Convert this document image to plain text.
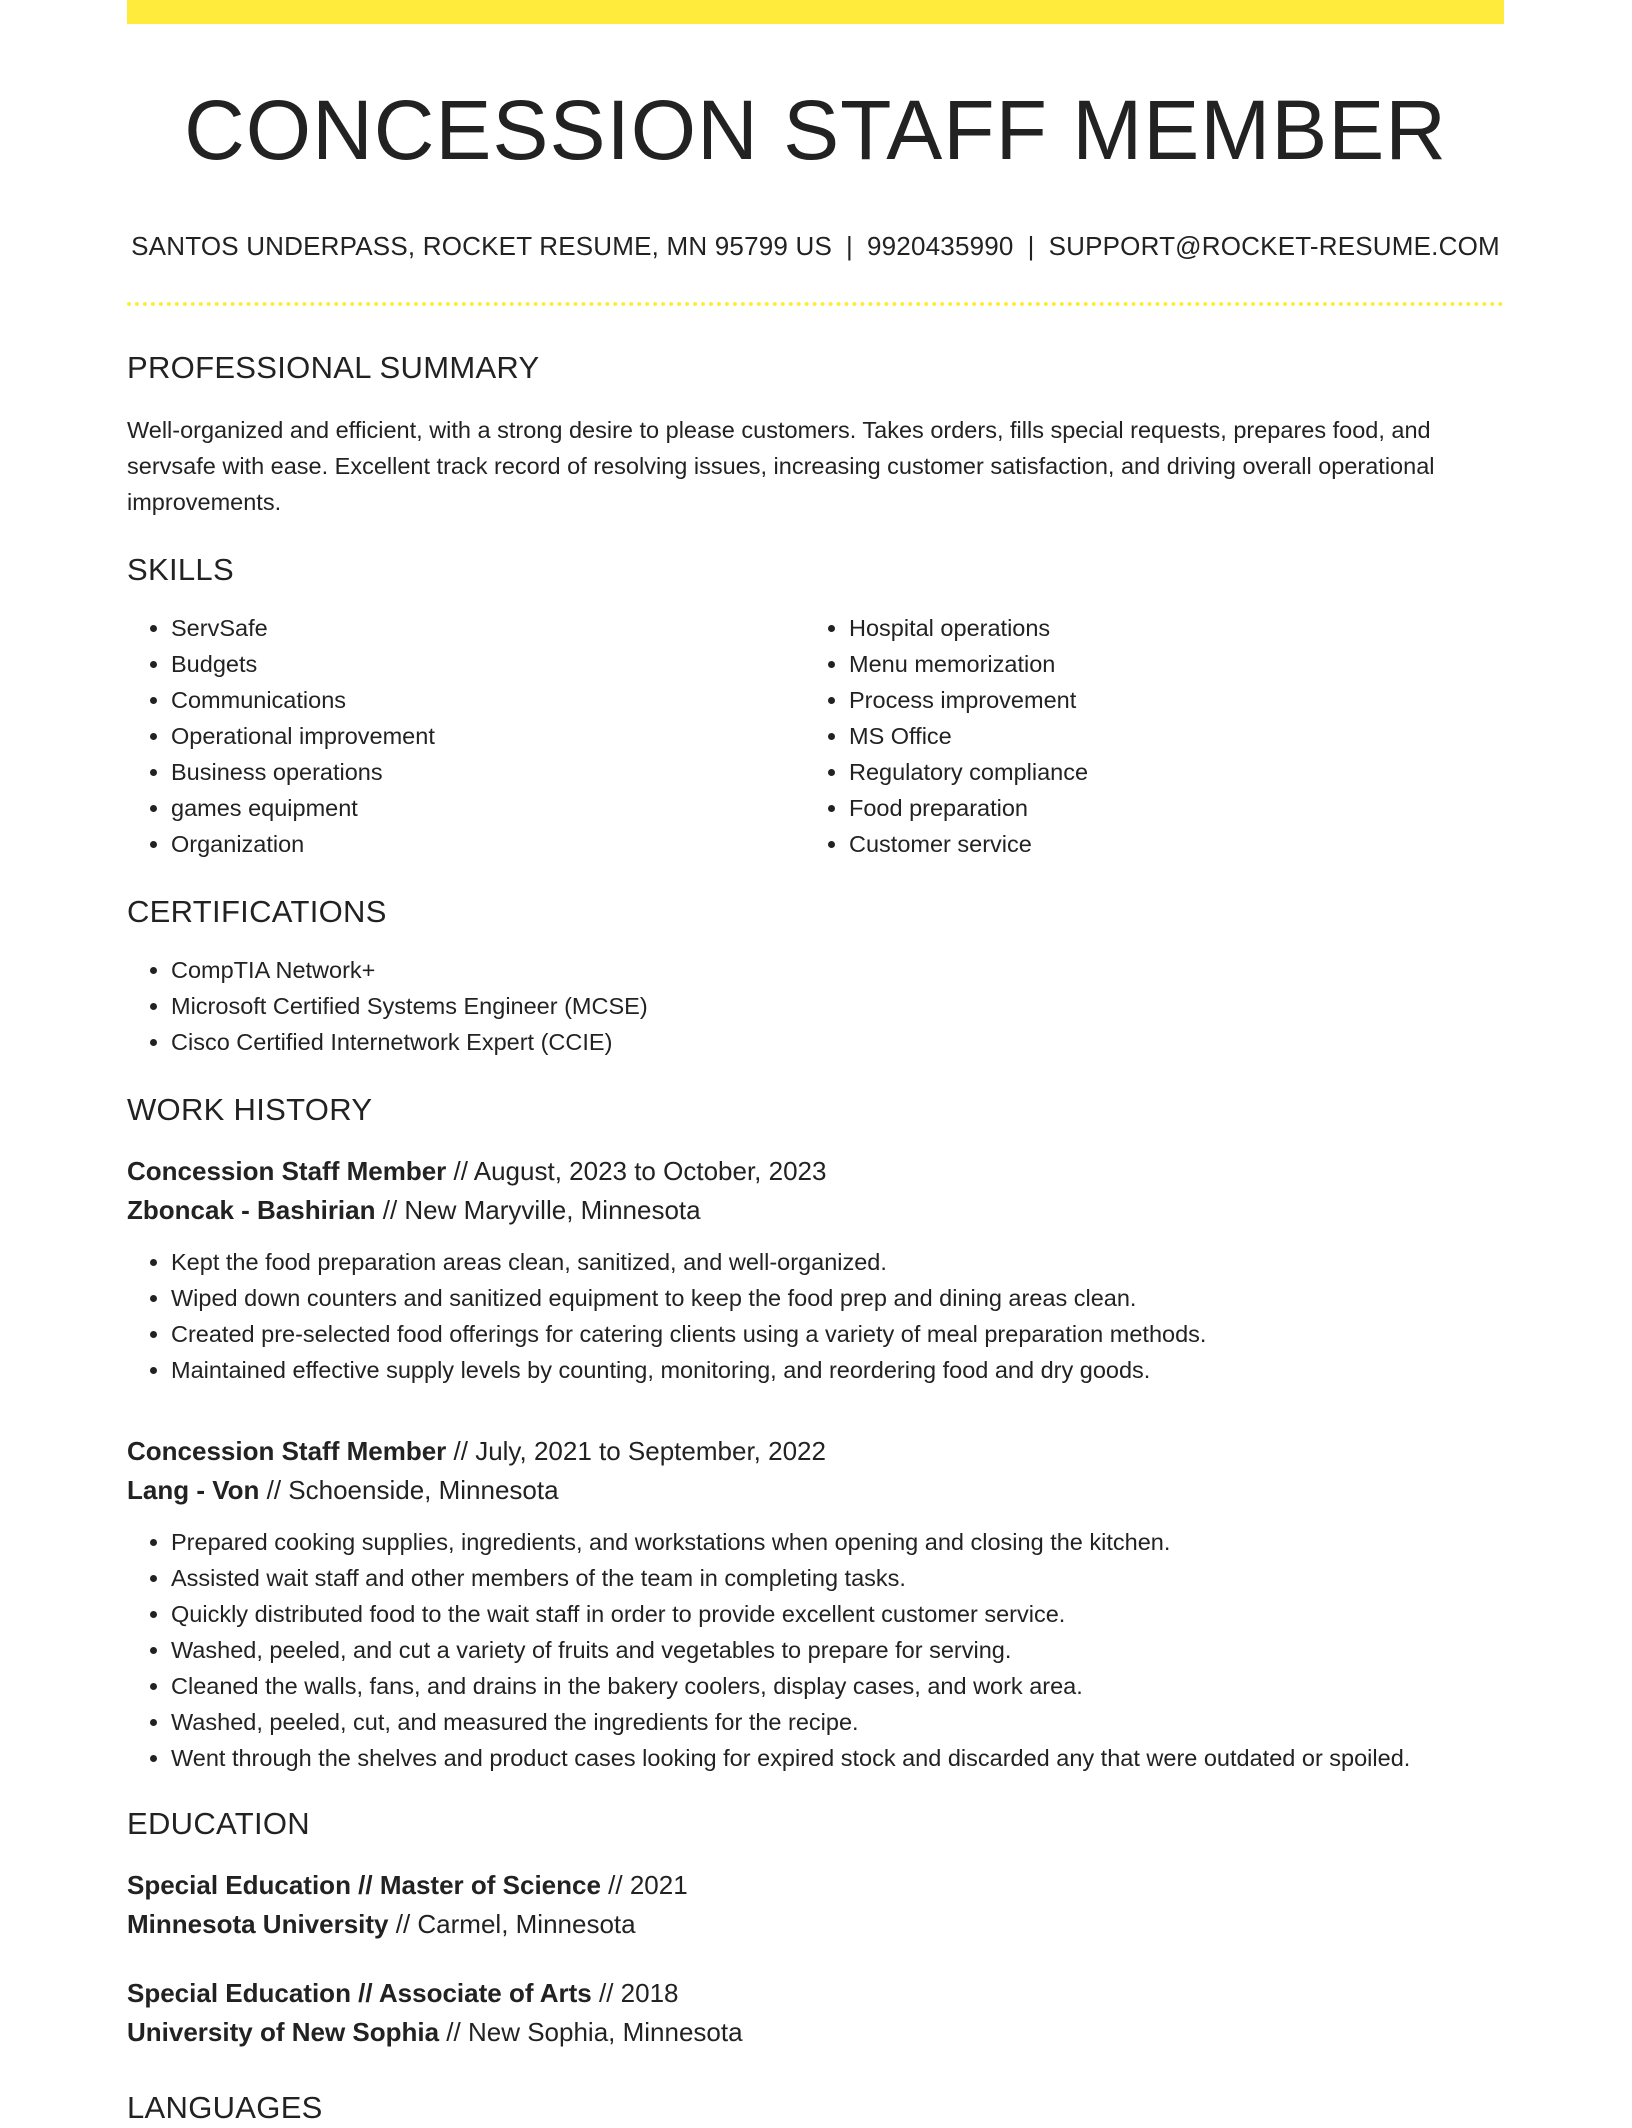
CONCESSION STAFF MEMBER
SANTOS UNDERPASS, ROCKET RESUME, MN 95799 US | 9920435990 | SUPPORT@ROCKET-RESUME.COM
PROFESSIONAL SUMMARY
Well-organized and efficient, with a strong desire to please customers. Takes orders, fills special requests, prepares food, and servsafe with ease. Excellent track record of resolving issues, increasing customer satisfaction, and driving overall operational improvements.
SKILLS
• ServSafe
• Budgets
• Communications
• Operational improvement
• Business operations
• games equipment
• Organization
• Hospital operations
• Menu memorization
• Process improvement
• MS Office
• Regulatory compliance
• Food preparation
• Customer service
CERTIFICATIONS
• CompTIA Network+
• Microsoft Certified Systems Engineer (MCSE)
• Cisco Certified Internetwork Expert (CCIE)
WORK HISTORY
Concession Staff Member // August, 2023 to October, 2023
Zboncak - Bashirian // New Maryville, Minnesota
• Kept the food preparation areas clean, sanitized, and well-organized.
• Wiped down counters and sanitized equipment to keep the food prep and dining areas clean.
• Created pre-selected food offerings for catering clients using a variety of meal preparation methods.
• Maintained effective supply levels by counting, monitoring, and reordering food and dry goods.
Concession Staff Member // July, 2021 to September, 2022
Lang - Von // Schoenside, Minnesota
• Prepared cooking supplies, ingredients, and workstations when opening and closing the kitchen.
• Assisted wait staff and other members of the team in completing tasks.
• Quickly distributed food to the wait staff in order to provide excellent customer service.
• Washed, peeled, and cut a variety of fruits and vegetables to prepare for serving.
• Cleaned the walls, fans, and drains in the bakery coolers, display cases, and work area.
• Washed, peeled, cut, and measured the ingredients for the recipe.
• Went through the shelves and product cases looking for expired stock and discarded any that were outdated or spoiled.
EDUCATION
Special Education // Master of Science // 2021
Minnesota University // Carmel, Minnesota
Special Education // Associate of Arts // 2018
University of New Sophia // New Sophia, Minnesota
LANGUAGES
